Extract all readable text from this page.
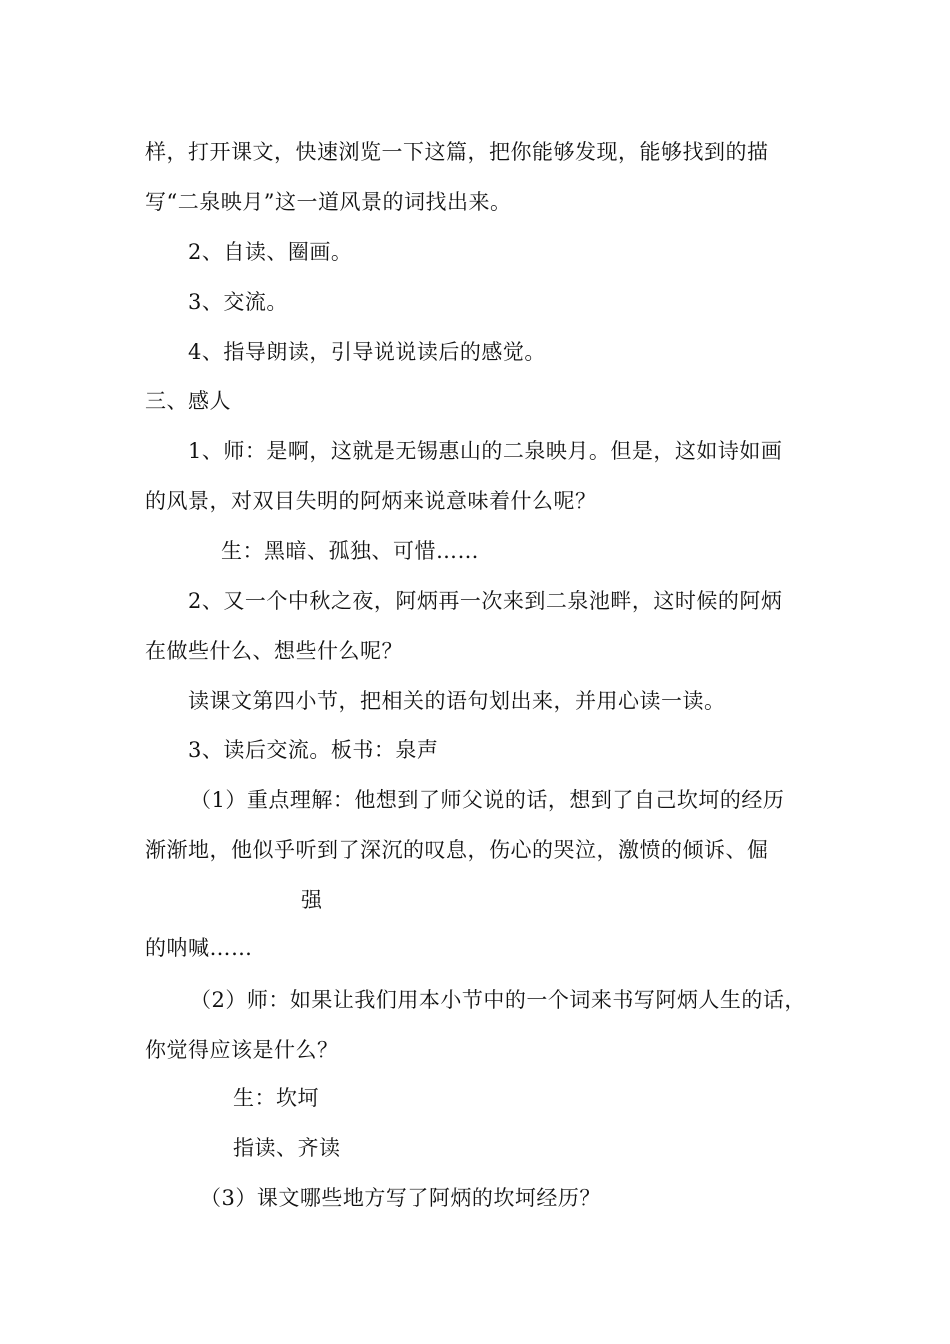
样，打开课文，快速浏览一下这篇，把你能够发现，能够找到的描
写“二泉映月”这一道风景的词找出来。
2、自读、圈画。
3、交流。
4、指导朗读，引导说说读后的感觉。
三、感人
1、师：是啊，这就是无锡惠山的二泉映月。但是，这如诗如画
的风景，对双目失明的阿炳来说意味着什么呢？
生：黑暗、孤独、可惜……
2、又一个中秋之夜，阿炳再一次来到二泉池畔，这时候的阿炳
在做些什么、想些什么呢？
读课文第四小节，把相关的语句划出来，并用心读一读。
3、读后交流。板书：泉声
（1）重点理解：他想到了师父说的话，想到了自己坎坷的经历
渐渐地，他似乎听到了深沉的叹息，伤心的哭泣，激愤的倾诉、倔
强
的呐喊……
（2）师：如果让我们用本小节中的一个词来书写阿炳人生的话，
你觉得应该是什么？
生：坎坷
指读、齐读
（3）课文哪些地方写了阿炳的坎坷经历？
